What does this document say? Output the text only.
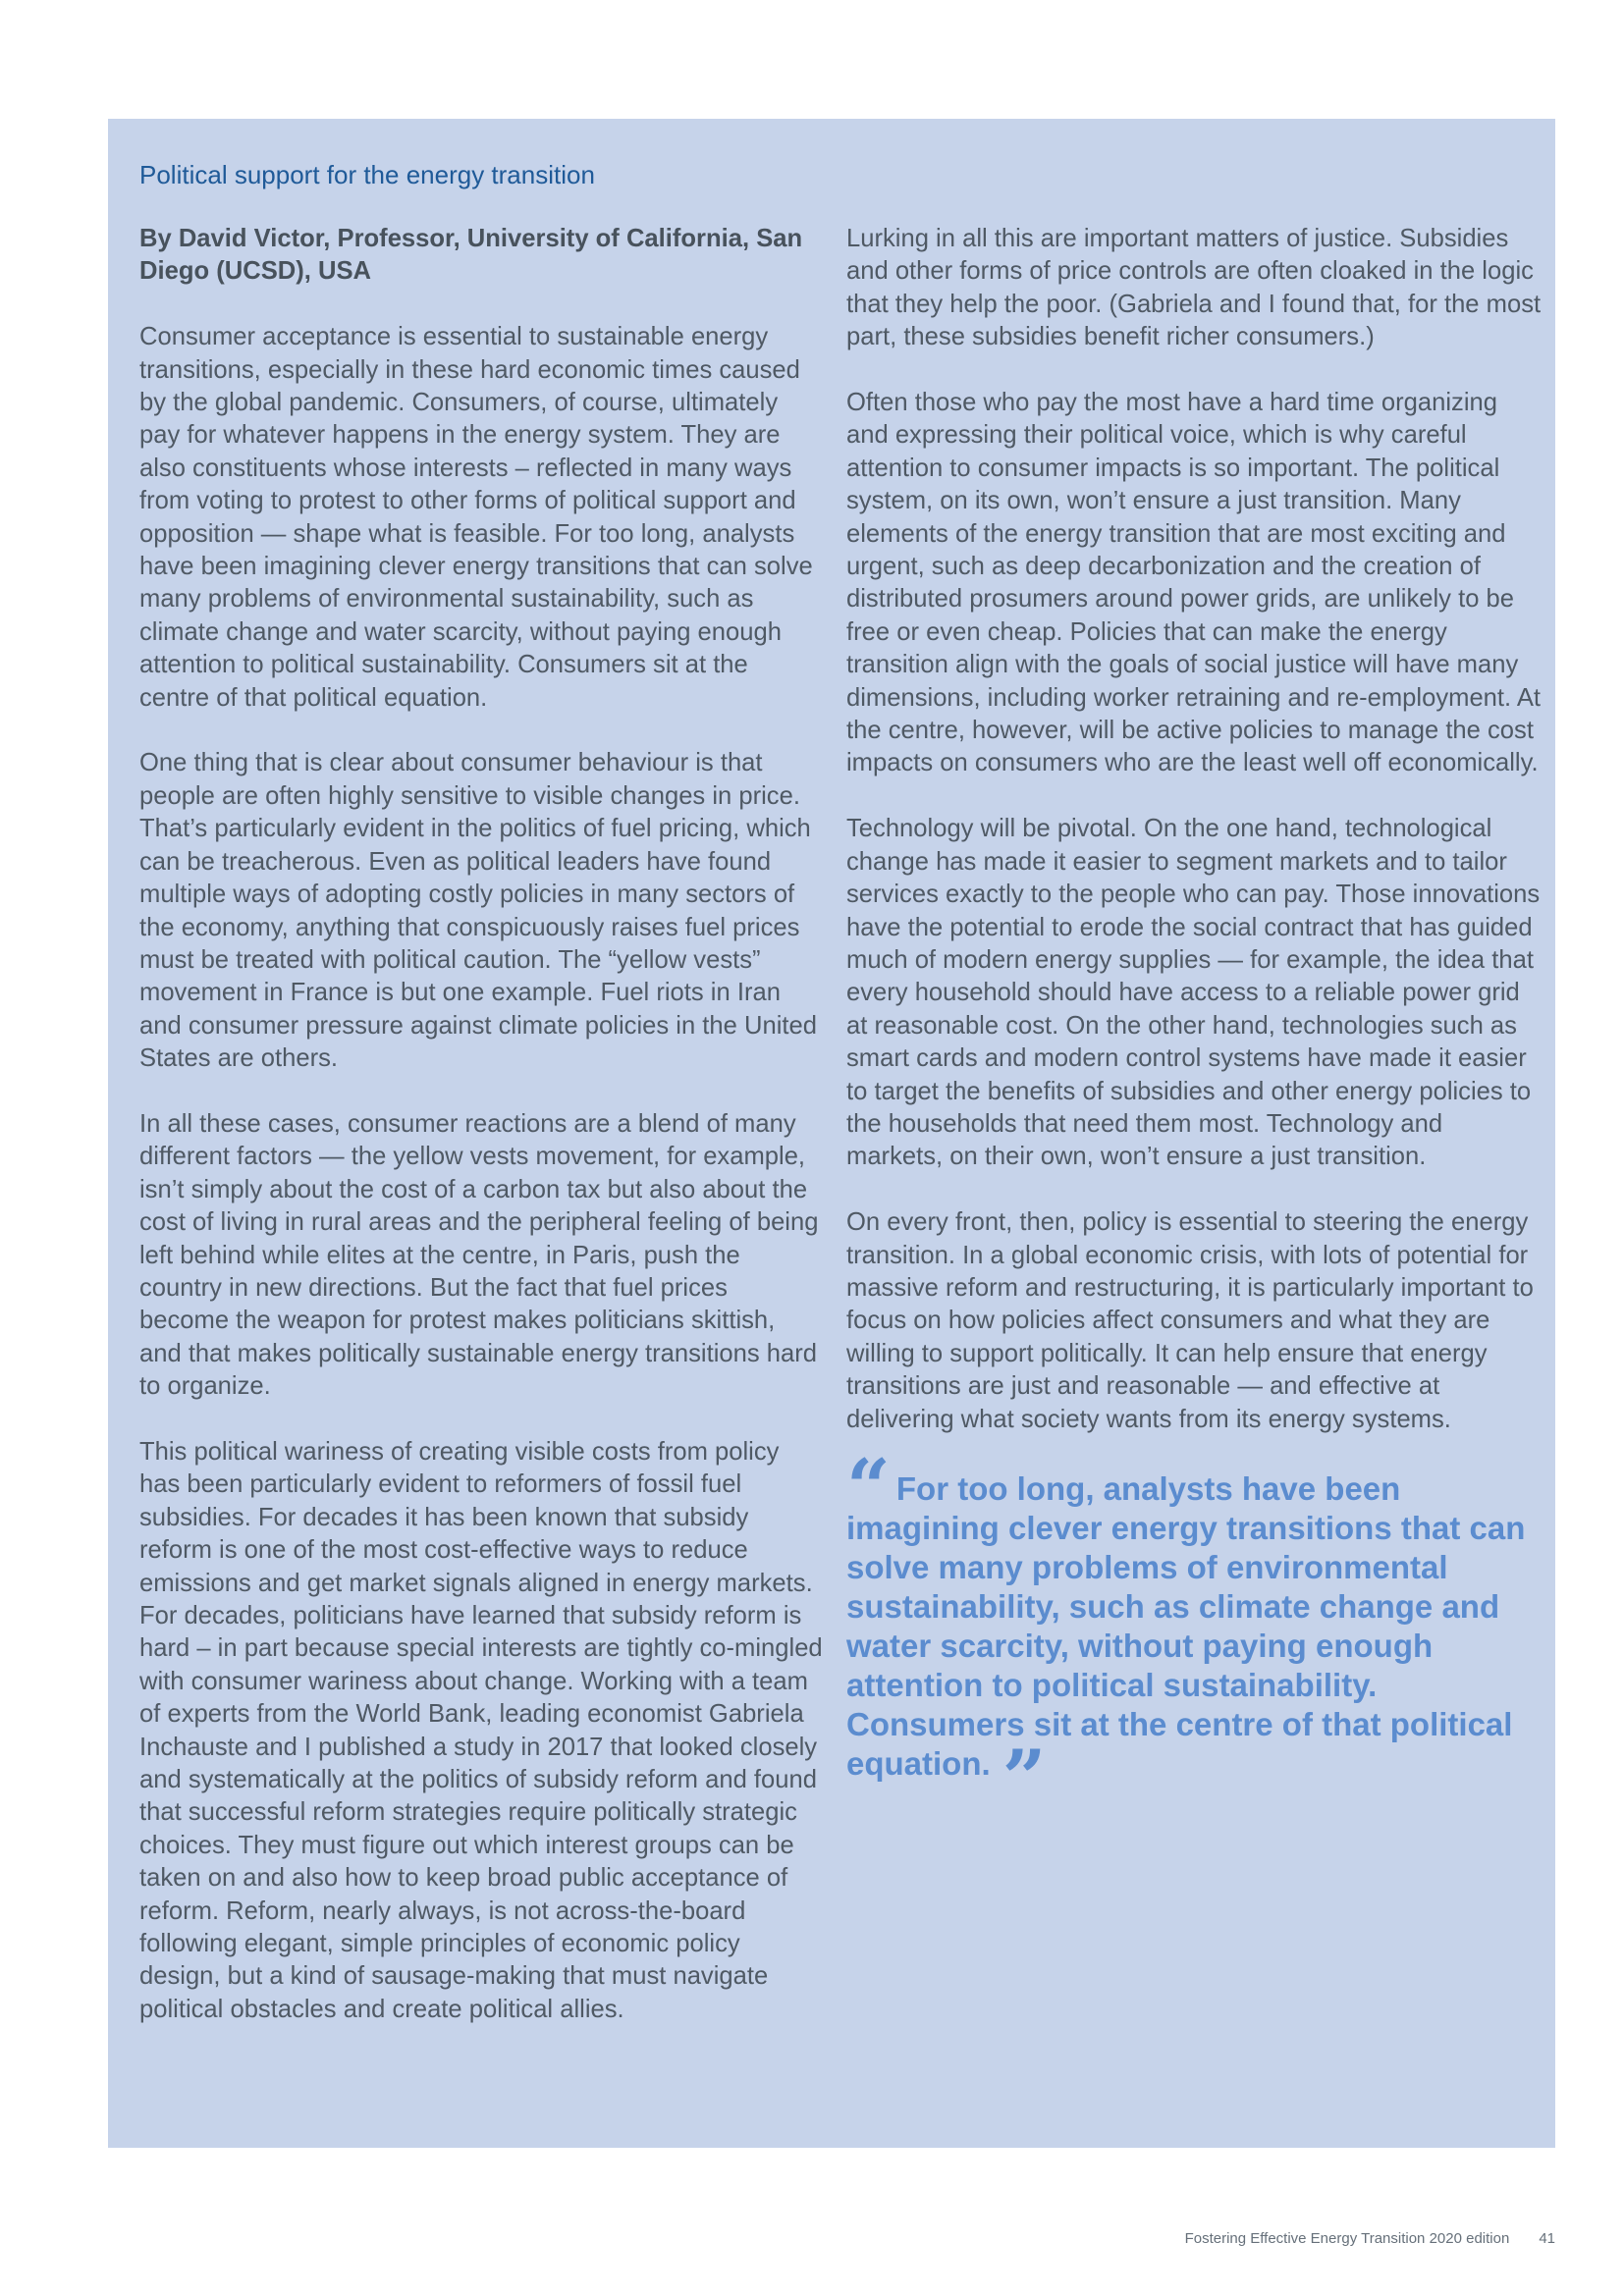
Political support for the energy transition

By David Victor, Professor, University of California, San Diego (UCSD), USA

Consumer acceptance is essential to sustainable energy transitions, especially in these hard economic times caused by the global pandemic. Consumers, of course, ultimately pay for whatever happens in the energy system. They are also constituents whose interests – reflected in many ways from voting to protest to other forms of political support and opposition — shape what is feasible. For too long, analysts have been imagining clever energy transitions that can solve many problems of environmental sustainability, such as climate change and water scarcity, without paying enough attention to political sustainability. Consumers sit at the centre of that political equation.

One thing that is clear about consumer behaviour is that people are often highly sensitive to visible changes in price. That’s particularly evident in the politics of fuel pricing, which can be treacherous. Even as political leaders have found multiple ways of adopting costly policies in many sectors of the economy, anything that conspicuously raises fuel prices must be treated with political caution. The “yellow vests” movement in France is but one example. Fuel riots in Iran and consumer pressure against climate policies in the United States are others.

In all these cases, consumer reactions are a blend of many different factors — the yellow vests movement, for example, isn’t simply about the cost of a carbon tax but also about the cost of living in rural areas and the peripheral feeling of being left behind while elites at the centre, in Paris, push the country in new directions. But the fact that fuel prices become the weapon for protest makes politicians skittish, and that makes politically sustainable energy transitions hard to organize.

This political wariness of creating visible costs from policy has been particularly evident to reformers of fossil fuel subsidies. For decades it has been known that subsidy reform is one of the most cost-effective ways to reduce emissions and get market signals aligned in energy markets. For decades, politicians have learned that subsidy reform is hard – in part because special interests are tightly co-mingled with consumer wariness about change. Working with a team of experts from the World Bank, leading economist Gabriela Inchauste and I published a study in 2017 that looked closely and systematically at the politics of subsidy reform and found that successful reform strategies require politically strategic choices. They must figure out which interest groups can be taken on and also how to keep broad public acceptance of reform. Reform, nearly always, is not across-the-board following elegant, simple principles of economic policy design, but a kind of sausage-making that must navigate political obstacles and create political allies.

Lurking in all this are important matters of justice. Subsidies and other forms of price controls are often cloaked in the logic that they help the poor. (Gabriela and I found that, for the most part, these subsidies benefit richer consumers.)

Often those who pay the most have a hard time organizing and expressing their political voice, which is why careful attention to consumer impacts is so important. The political system, on its own, won’t ensure a just transition. Many elements of the energy transition that are most exciting and urgent, such as deep decarbonization and the creation of distributed prosumers around power grids, are unlikely to be free or even cheap. Policies that can make the energy transition align with the goals of social justice will have many dimensions, including worker retraining and re-employment. At the centre, however, will be active policies to manage the cost impacts on consumers who are the least well off economically.

Technology will be pivotal. On the one hand, technological change has made it easier to segment markets and to tailor services exactly to the people who can pay. Those innovations have the potential to erode the social contract that has guided much of modern energy supplies — for example, the idea that every household should have access to a reliable power grid at reasonable cost. On the other hand, technologies such as smart cards and modern control systems have made it easier to target the benefits of subsidies and other energy policies to the households that need them most. Technology and markets, on their own, won’t ensure a just transition.

On every front, then, policy is essential to steering the energy transition. In a global economic crisis, with lots of potential for massive reform and restructuring, it is particularly important to focus on how policies affect consumers and what they are willing to support politically. It can help ensure that energy transitions are just and reasonable — and effective at delivering what society wants from its energy systems.

“ For too long, analysts have been imagining clever energy transitions that can solve many problems of environmental sustainability, such as climate change and water scarcity, without paying enough attention to political sustainability. Consumers sit at the centre of that political equation. ”
Fostering Effective Energy Transition 2020 edition 41
